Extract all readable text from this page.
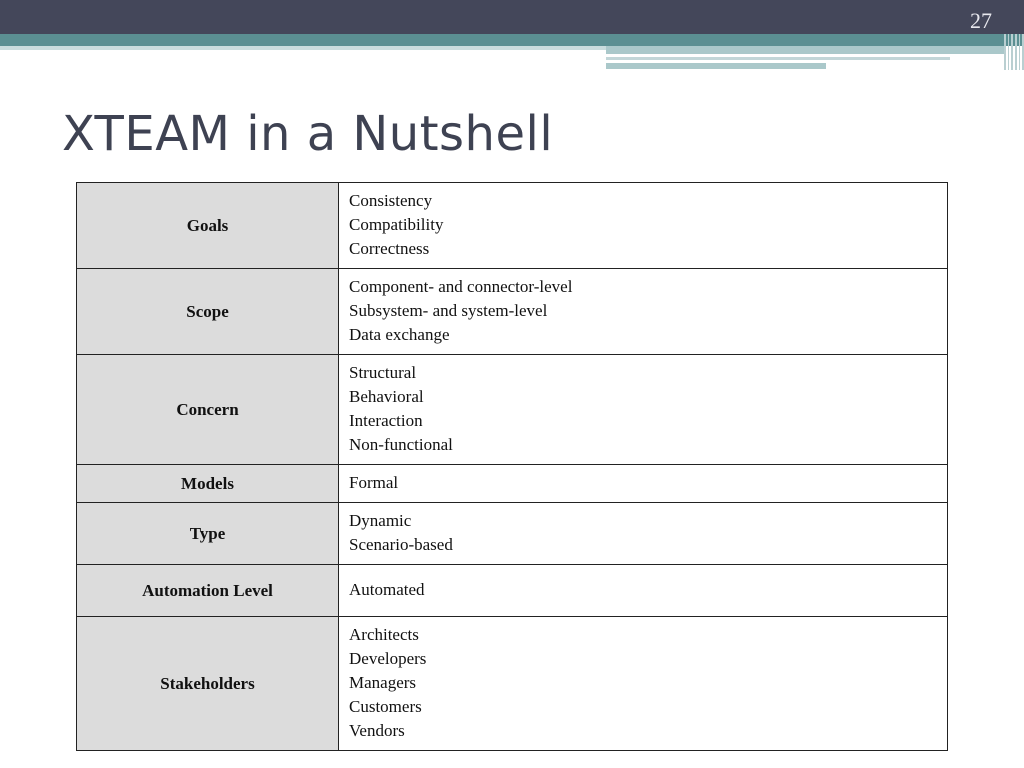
27
XTEAM in a Nutshell
Goals	Consistency
Compatibility
Correctness

Scope	Component- and connector-level
Subsystem- and system-level
Data exchange

Concern	Structural
Behavioral
Interaction
Non-functional

Models	Formal

Type	Dynamic
Scenario-based

Automation Level	Automated

Stakeholders	Architects
Developers
Managers
Customers
Vendors
